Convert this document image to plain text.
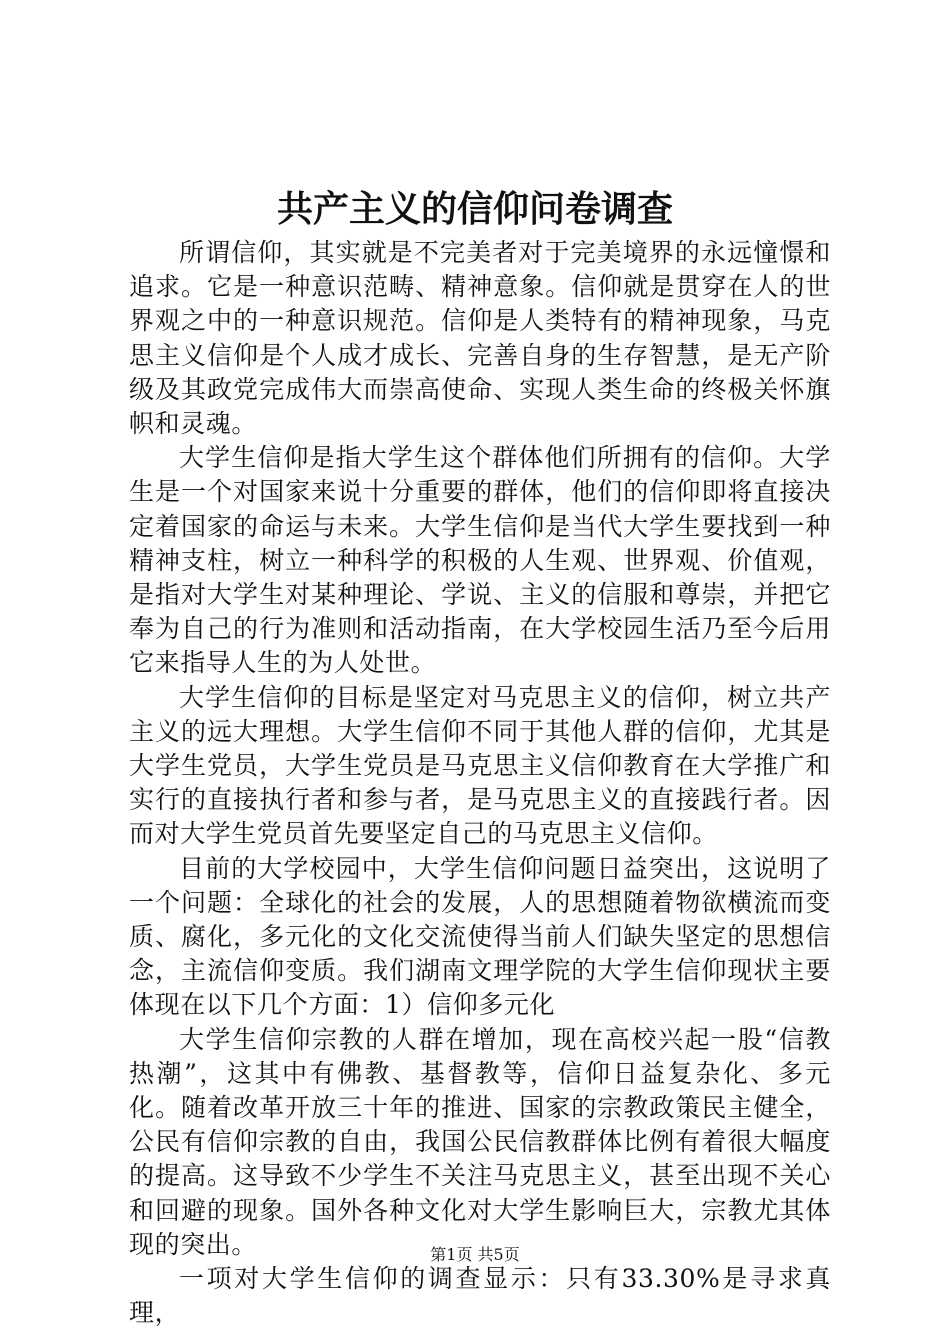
共产主义的信仰问卷调查

所谓信仰，其实就是不完美者对于完美境界的永远憧憬和追求。它是一种意识范畴、精神意象。信仰就是贯穿在人的世界观之中的一种意识规范。信仰是人类特有的精神现象，马克思主义信仰是个人成才成长、完善自身的生存智慧，是无产阶级及其政党完成伟大而崇高使命、实现人类生命的终极关怀旗帜和灵魂。

大学生信仰是指大学生这个群体他们所拥有的信仰。大学生是一个对国家来说十分重要的群体，他们的信仰即将直接决定着国家的命运与未来。大学生信仰是当代大学生要找到一种精神支柱，树立一种科学的积极的人生观、世界观、价值观，是指对大学生对某种理论、学说、主义的信服和尊崇，并把它奉为自己的行为准则和活动指南，在大学校园生活乃至今后用它来指导人生的为人处世。

大学生信仰的目标是坚定对马克思主义的信仰，树立共产主义的远大理想。大学生信仰不同于其他人群的信仰，尤其是大学生党员，大学生党员是马克思主义信仰教育在大学推广和实行的直接执行者和参与者，是马克思主义的直接践行者。因而对大学生党员首先要坚定自己的马克思主义信仰。

目前的大学校园中，大学生信仰问题日益突出，这说明了一个问题：全球化的社会的发展，人的思想随着物欲横流而变质、腐化，多元化的文化交流使得当前人们缺失坚定的思想信念，主流信仰变质。我们湖南文理学院的大学生信仰现状主要体现在以下几个方面：1）信仰多元化

大学生信仰宗教的人群在增加，现在高校兴起一股“信教热潮”，这其中有佛教、基督教等，信仰日益复杂化、多元化。随着改革开放三十年的推进、国家的宗教政策民主健全，公民有信仰宗教的自由，我国公民信教群体比例有着很大幅度的提高。这导致不少学生不关注马克思主义，甚至出现不关心和回避的现象。国外各种文化对大学生影响巨大，宗教尤其体现的突出。

一项对大学生信仰的调查显示：只有33.30%是寻求真理，

第1页 共5页
